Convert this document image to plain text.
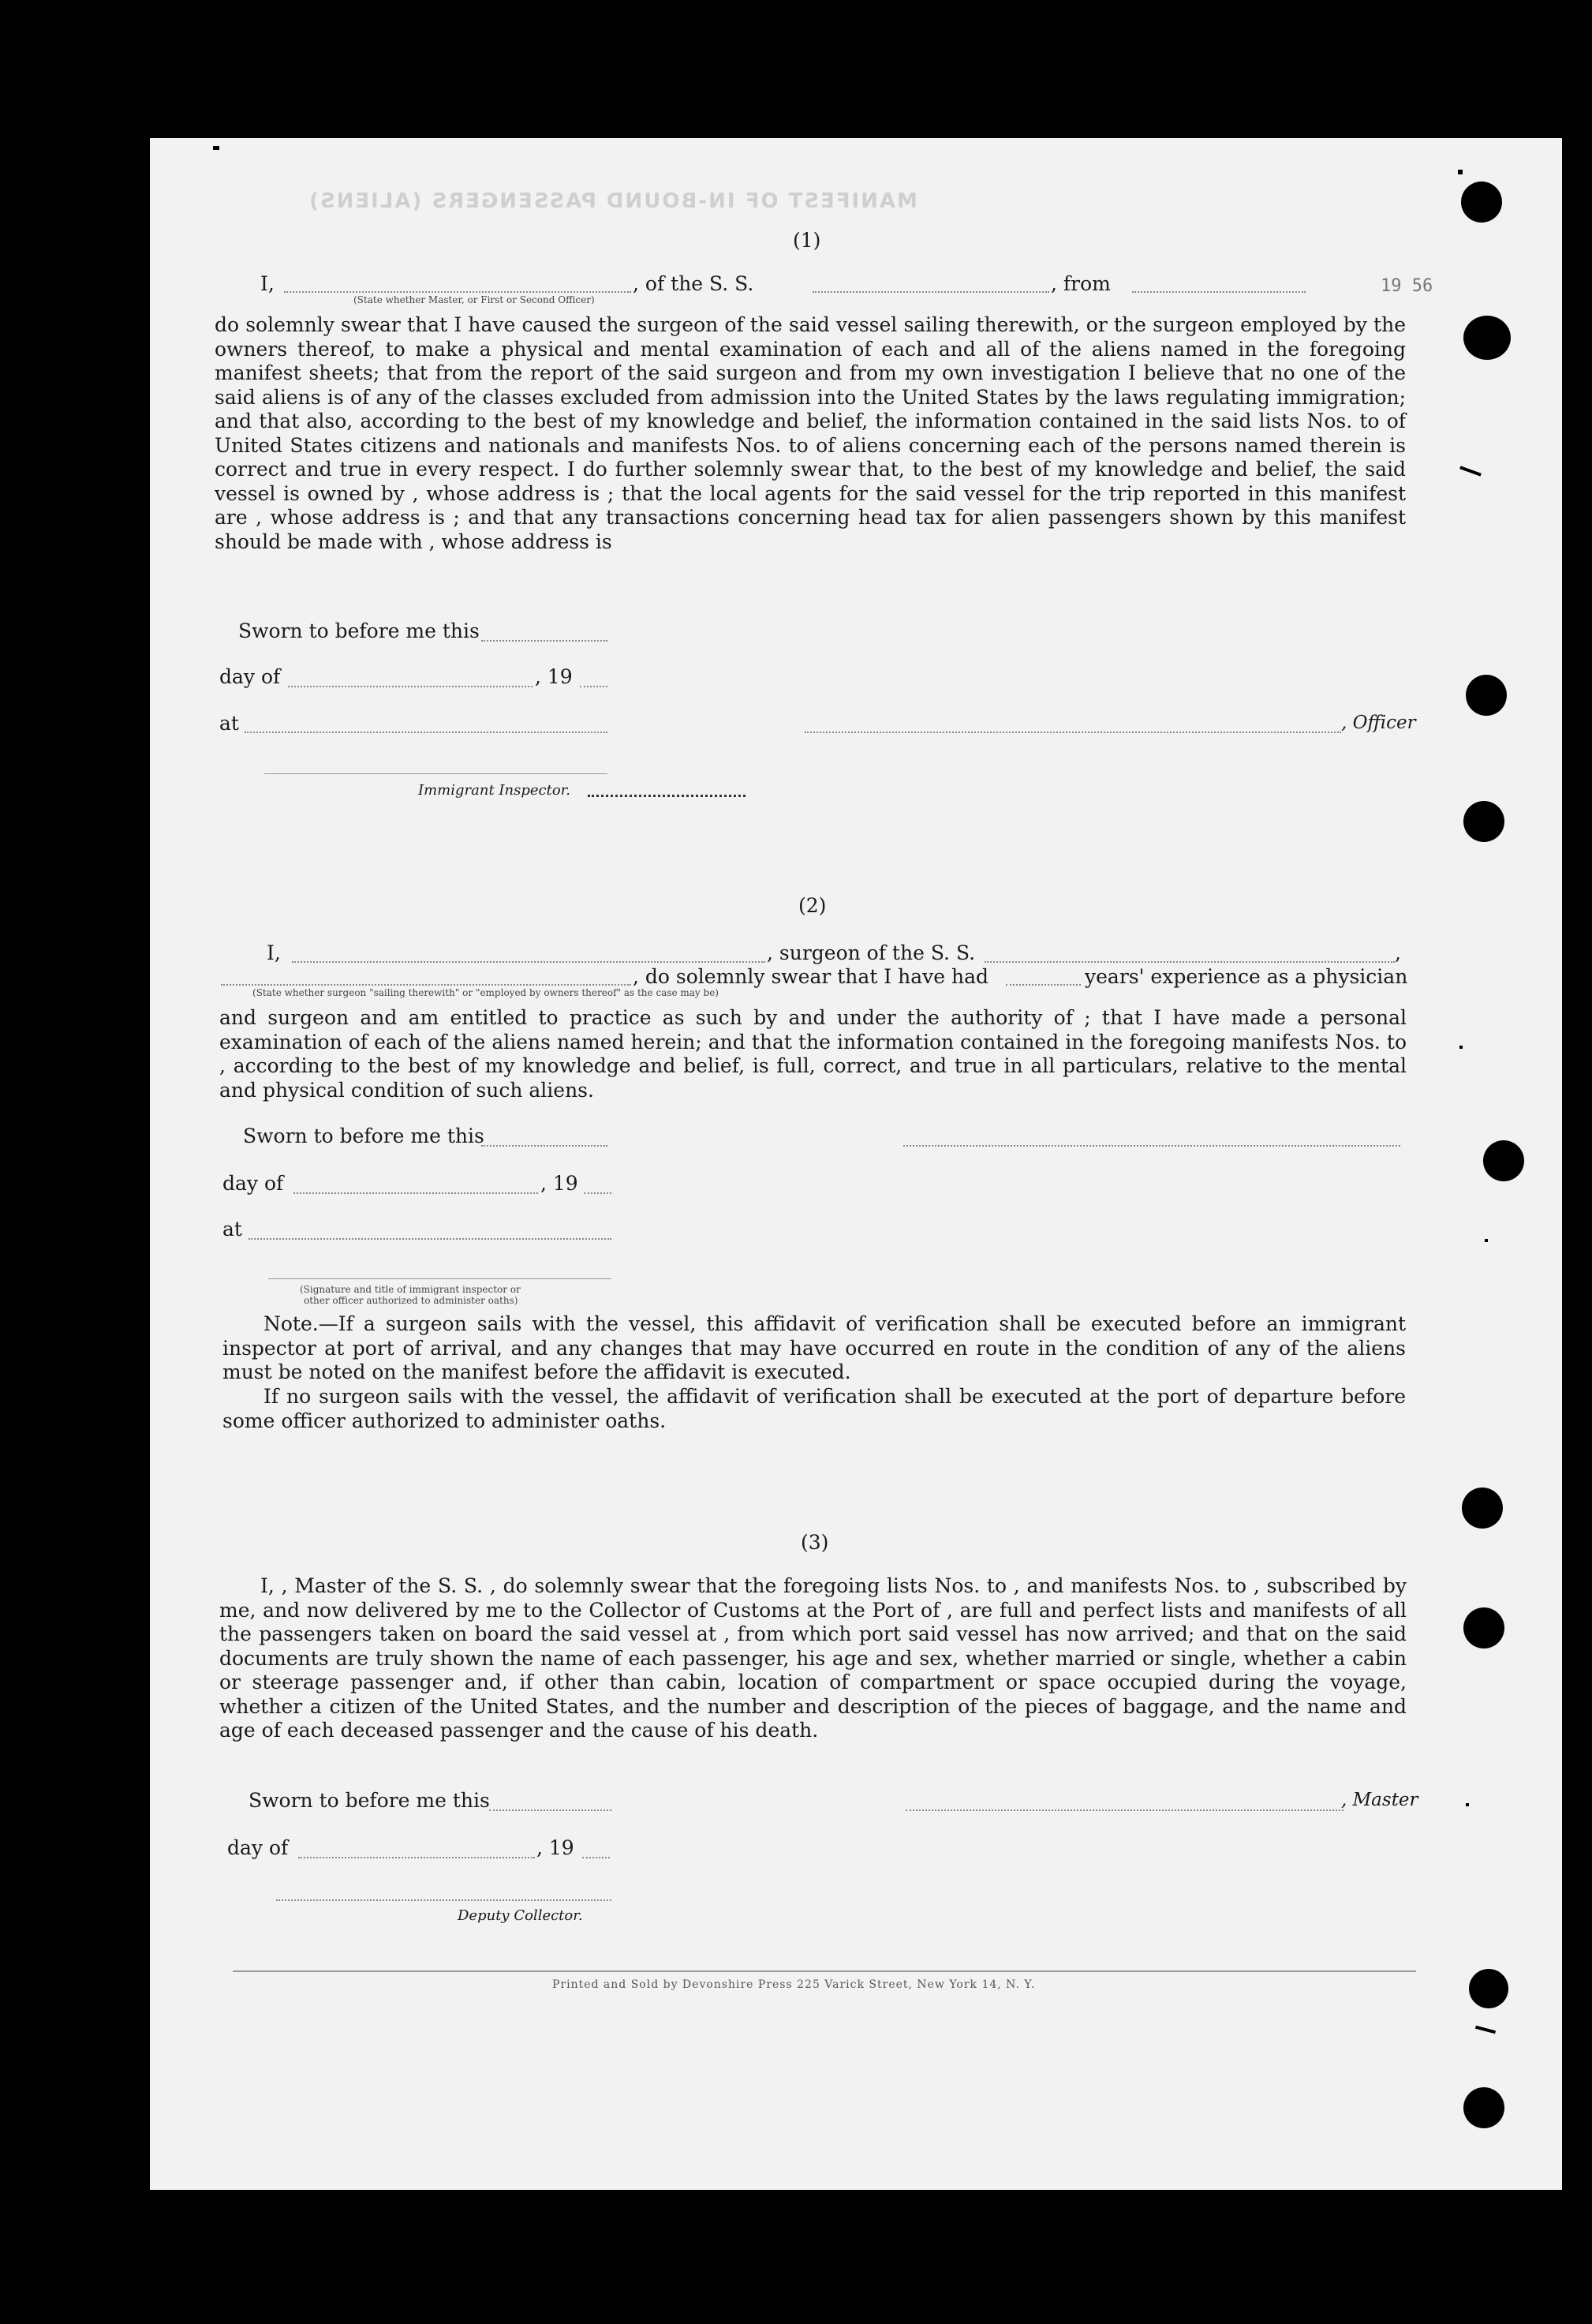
MANIFEST OF IN-BOUND PASSENGERS (ALIENS)
19 56
(1)
I,	, of the S. S.	, from
(State whether Master, or First or Second Officer)
do solemnly swear that I have caused the surgeon of the said vessel sailing therewith, or the surgeon employed by the owners thereof, to make a physical and mental examination of each and all of the aliens named in the foregoing manifest sheets; that from the report of the said surgeon and from my own investigation I believe that no one of the said aliens is of any of the classes excluded from admission into the United States by the laws regulating immigration; and that also, according to the best of my knowledge and belief, the information contained in the said lists Nos. to of United States citizens and nationals and manifests Nos. to of aliens concerning each of the persons named therein is correct and true in every respect. I do further solemnly swear that, to the best of my knowledge and belief, the said vessel is owned by , whose address is ; that the local agents for the said vessel for the trip reported in this manifest are , whose address is ; and that any transactions concerning head tax for alien passengers shown by this manifest should be made with , whose address is
Sworn to before me this
day of	, 19
at	, Officer
Immigrant Inspector.
(2)
I,	, surgeon of the S. S.	,
, do solemnly swear that I have had	years' experience as a physician
(State whether surgeon "sailing therewith" or "employed by owners thereof" as the case may be)
and surgeon and am entitled to practice as such by and under the authority of ; that I have made a personal examination of each of the aliens named herein; and that the information contained in the foregoing manifests Nos. to , according to the best of my knowledge and belief, is full, correct, and true in all particulars, relative to the mental and physical condition of such aliens.
Sworn to before me this
day of	, 19
at
(Signature and title of immigrant inspector or
other officer authorized to administer oaths)
Note.—If a surgeon sails with the vessel, this affidavit of verification shall be executed before an immigrant inspector at port of arrival, and any changes that may have occurred en route in the condition of any of the aliens must be noted on the manifest before the affidavit is executed.
If no surgeon sails with the vessel, the affidavit of verification shall be executed at the port of departure before some officer authorized to administer oaths.
(3)
I, , Master of the S. S. , do solemnly swear that the foregoing lists Nos. to , and manifests Nos. to , subscribed by me, and now delivered by me to the Collector of Customs at the Port of , are full and perfect lists and manifests of all the passengers taken on board the said vessel at , from which port said vessel has now arrived; and that on the said documents are truly shown the name of each passenger, his age and sex, whether married or single, whether a cabin or steerage passenger and, if other than cabin, location of compartment or space occupied during the voyage, whether a citizen of the United States, and the number and description of the pieces of baggage, and the name and age of each deceased passenger and the cause of his death.
Sworn to before me this	, Master
day of	, 19
Deputy Collector.
Printed and Sold by Devonshire Press 225 Varick Street, New York 14, N. Y.
